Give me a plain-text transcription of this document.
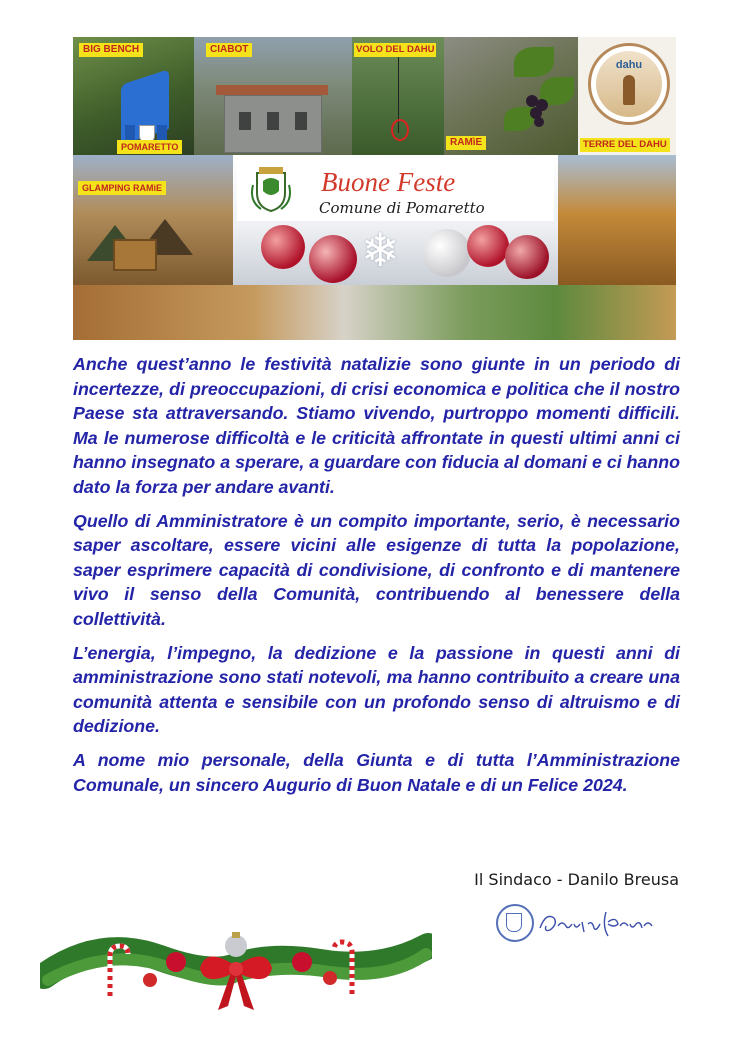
BIG BENCH
POMARETTO
CIABOT	VOLO DEL DAHU
RAMìE
dahu
TERRE DEL DAHU
GLAMPING RAMìE	Buone Feste
Comune di Pomaretto
❄

Anche quest’anno le festività natalizie sono giunte in un periodo di incertezze, di preoccupazioni, di crisi economica e politica che il nostro Paese sta attraversando. Stiamo vivendo, purtroppo momenti difficili. Ma le numerose difficoltà e le criticità affrontate in questi ultimi anni ci hanno insegnato a sperare, a guardare con fiducia al domani e ci hanno dato la forza per andare avanti.

Quello di Amministratore è un compito importante, serio, è necessario saper ascoltare, essere vicini alle esigenze di tutta la popolazione, saper esprimere capacità di condivisione, di confronto e di mantenere vivo il senso della Comunità, contribuendo al benessere della collettività.

L’energia, l’impegno, la dedizione e la passione in questi anni di amministrazione sono stati notevoli, ma hanno contribuito a creare una comunità attenta e sensibile con un profondo senso di altruismo e di dedizione.

A nome mio personale, della Giunta e di tutta l’Amministrazione Comunale, un sincero Augurio di Buon Natale e di un Felice 2024.

Il Sindaco - Danilo Breusa
